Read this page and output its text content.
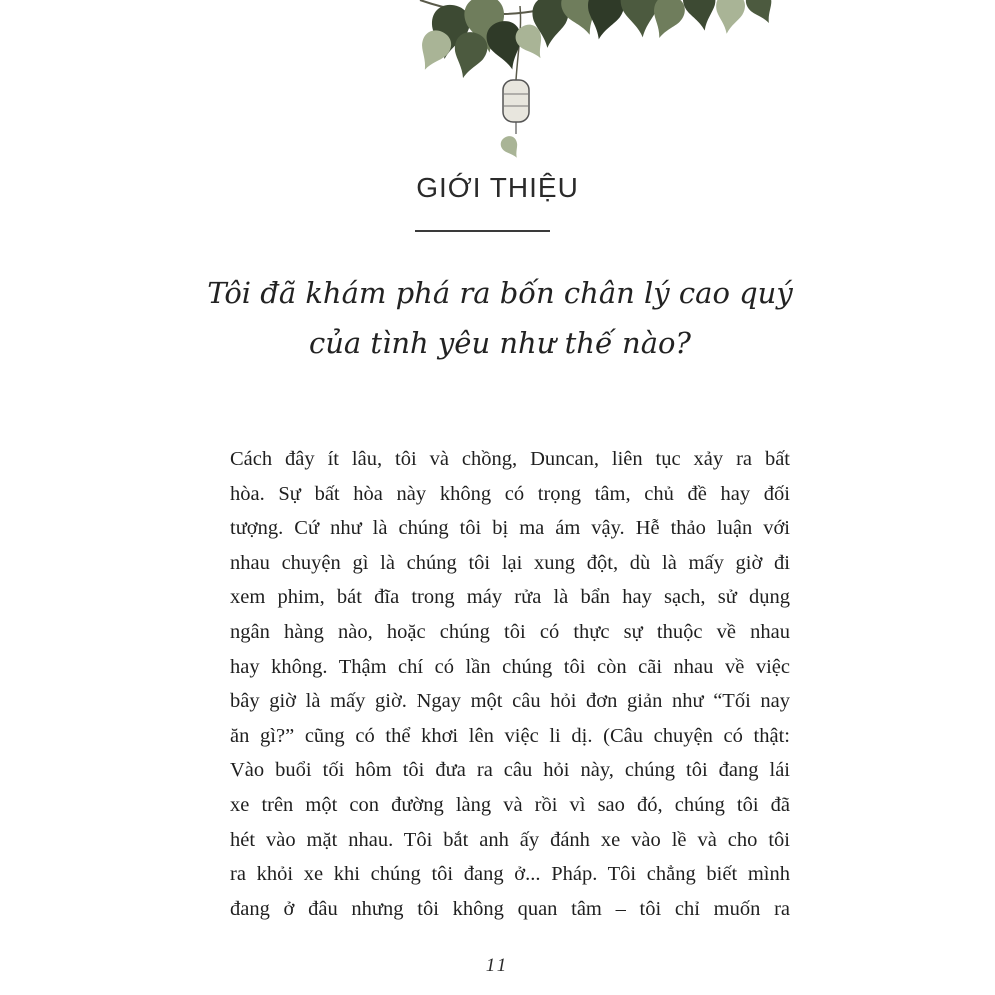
GIỚI THIỆU
Tôi đã khám phá ra bốn chân lý cao quý
của tình yêu như thế nào?
Cách đây ít lâu, tôi và chồng, Duncan, liên tục xảy ra bất
hòa. Sự bất hòa này không có trọng tâm, chủ đề hay đối
tượng. Cứ như là chúng tôi bị ma ám vậy. Hễ thảo luận với
nhau chuyện gì là chúng tôi lại xung đột, dù là mấy giờ đi
xem phim, bát đĩa trong máy rửa là bẩn hay sạch, sử dụng
ngân hàng nào, hoặc chúng tôi có thực sự thuộc về nhau
hay không. Thậm chí có lần chúng tôi còn cãi nhau về việc
bây giờ là mấy giờ. Ngay một câu hỏi đơn giản như “Tối nay
ăn gì?” cũng có thể khơi lên việc li dị. (Câu chuyện có thật:
Vào buổi tối hôm tôi đưa ra câu hỏi này, chúng tôi đang lái
xe trên một con đường làng và rồi vì sao đó, chúng tôi đã
hét vào mặt nhau. Tôi bắt anh ấy đánh xe vào lề và cho tôi
ra khỏi xe khi chúng tôi đang ở... Pháp. Tôi chẳng biết mình
đang ở đâu nhưng tôi không quan tâm – tôi chỉ muốn ra
11
